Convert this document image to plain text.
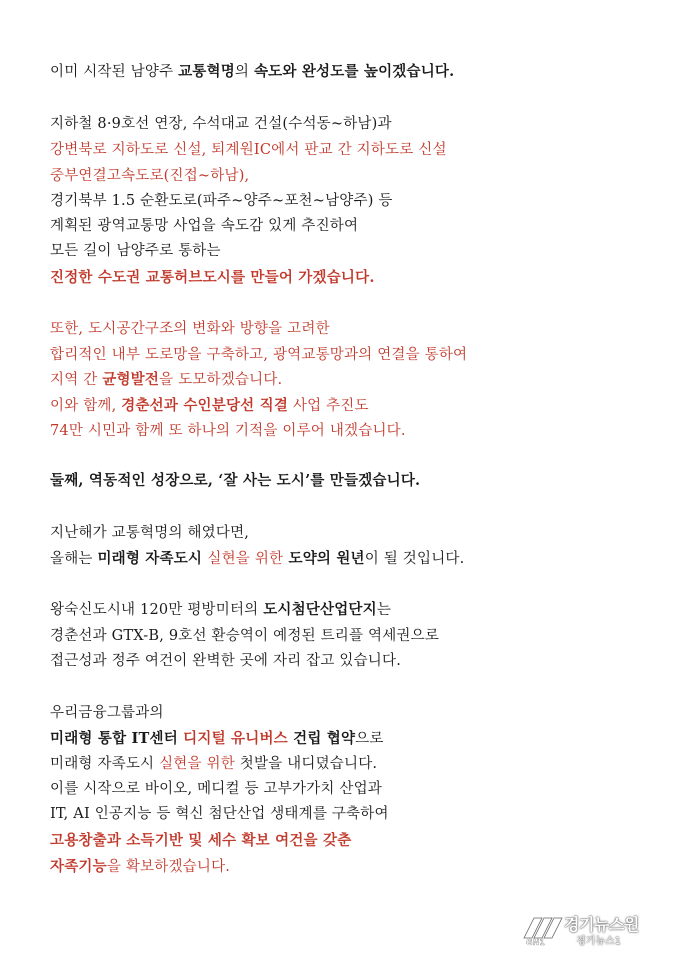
이미 시작된 남양주 교통혁명의 속도와 완성도를 높이겠습니다.
지하철 8·9호선 연장, 수석대교 건설(수석동~하남)과
강변북로 지하도로 신설, 퇴계원IC에서 판교 간 지하도로 신설
중부연결고속도로(진접~하남),
경기북부 1.5 순환도로(파주~양주~포천~남양주) 등
계획된 광역교통망 사업을 속도감 있게 추진하여
모든 길이 남양주로 통하는
진정한 수도권 교통허브도시를 만들어 가겠습니다.
또한, 도시공간구조의 변화와 방향을 고려한
합리적인 내부 도로망을 구축하고, 광역교통망과의 연결을 통하여
지역 간 균형발전을 도모하겠습니다.
이와 함께, 경춘선과 수인분당선 직결 사업 추진도
74만 시민과 함께 또 하나의 기적을 이루어 내겠습니다.
둘째, 역동적인 성장으로, ‘잘 사는 도시’를 만들겠습니다.
지난해가 교통혁명의 해였다면,
올해는 미래형 자족도시 실현을 위한 도약의 원년이 될 것입니다.
왕숙신도시내 120만 평방미터의 도시첨단산업단지는
경춘선과 GTX-B, 9호선 환승역이 예정된 트리플 역세권으로
접근성과 정주 여건이 완벽한 곳에 자리 잡고 있습니다.
우리금융그룹과의
미래형 통합 IT센터 디지털 유니버스 건립 협약으로
미래형 자족도시 실현을 위한 첫발을 내디뎠습니다.
이를 시작으로 바이오, 메디컬 등 고부가가치 산업과
IT, AI 인공지능 등 혁신 첨단산업 생태계를 구축하여
고용창출과 소득기반 및 세수 확보 여건을 갖춘
자족기능을 확보하겠습니다.
GN1
경기뉴스원
경기뉴스1
